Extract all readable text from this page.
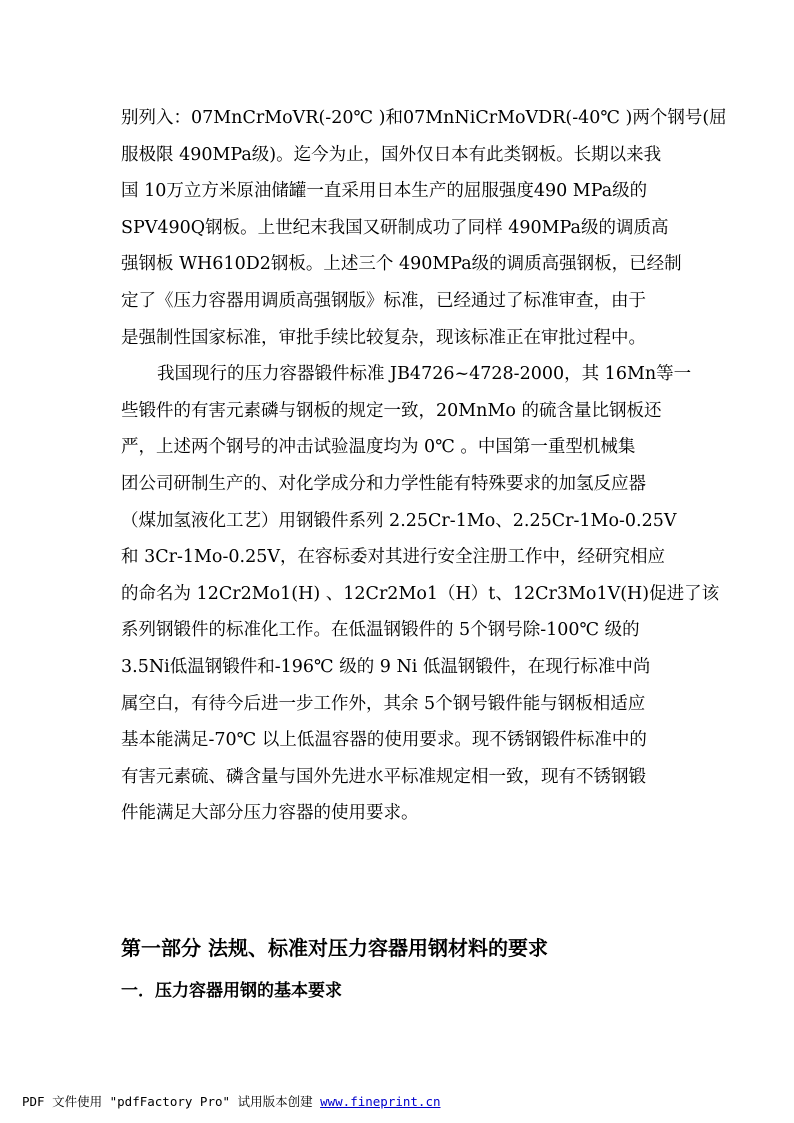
别列入：07MnCrMoVR(-20℃ )和07MnNiCrMoVDR(-40℃ )两个钢号(屈
服极限 490MPa级)。迄今为止，国外仅日本有此类钢板。长期以来我
国 10万立方米原油储罐一直采用日本生产的屈服强度490 MPa级的
SPV490Q钢板。上世纪末我国又研制成功了同样 490MPa级的调质高
强钢板 WH610D2钢板。上述三个 490MPa级的调质高强钢板，已经制
定了《压力容器用调质高强钢版》标准，已经通过了标准审查，由于
是强制性国家标准，审批手续比较复杂，现该标准正在审批过程中。
我国现行的压力容器锻件标准 JB4726~4728-2000，其 16Mn等一
些锻件的有害元素磷与钢板的规定一致，20MnMo 的硫含量比钢板还
严，上述两个钢号的冲击试验温度均为 0℃ 。中国第一重型机械集
团公司研制生产的、对化学成分和力学性能有特殊要求的加氢反应器
（煤加氢液化工艺）用钢锻件系列 2.25Cr-1Mo、2.25Cr-1Mo-0.25V
和 3Cr-1Mo-0.25V，在容标委对其进行安全注册工作中，经研究相应
的命名为 12Cr2Mo1(H) 、12Cr2Mo1（H）t、12Cr3Mo1V(H)促进了该
系列钢锻件的标准化工作。在低温钢锻件的 5个钢号除-100℃ 级的
3.5Ni低温钢锻件和-196℃ 级的 9 Ni 低温钢锻件，在现行标准中尚
属空白，有待今后进一步工作外，其余 5个钢号锻件能与钢板相适应
基本能满足-70℃ 以上低温容器的使用要求。现不锈钢锻件标准中的
有害元素硫、磷含量与国外先进水平标准规定相一致，现有不锈钢锻
件能满足大部分压力容器的使用要求。
第一部分 法规、标准对压力容器用钢材料的要求
一．压力容器用钢的基本要求
PDF 文件使用 "pdfFactory Pro" 试用版本创建 www.fineprint.cn
